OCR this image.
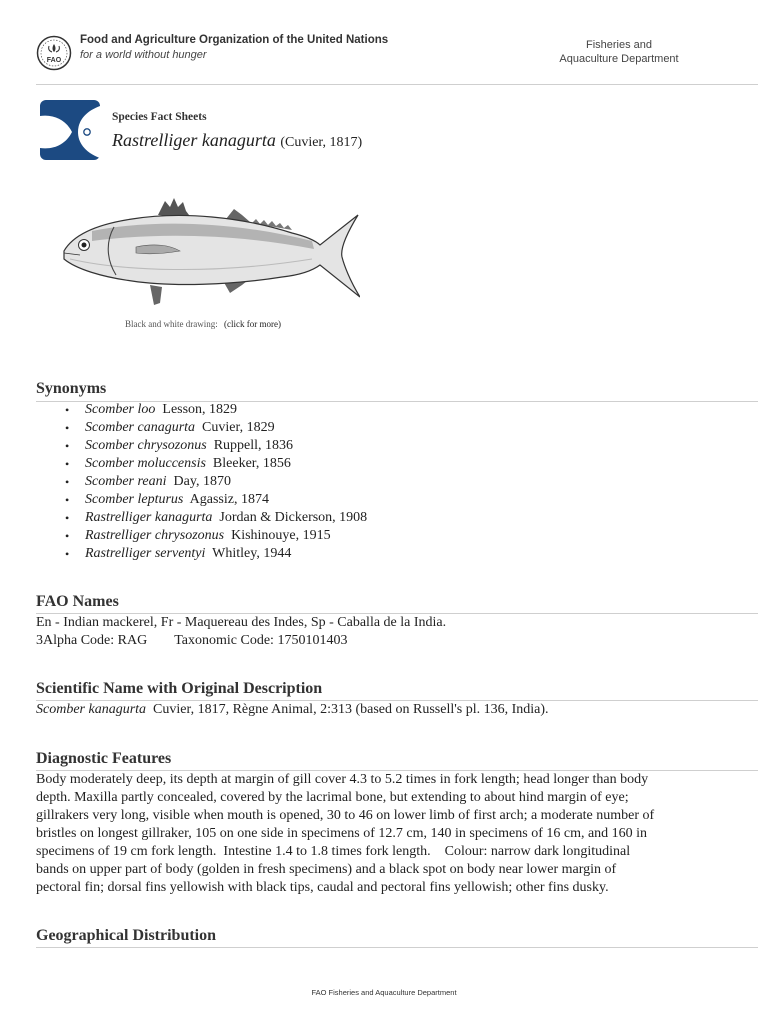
FAO
Food and Agriculture Organization of the United Nations
for a world without hunger
Fisheries and
Aquaculture Department
Species Fact Sheets
Rastrelliger kanagurta (Cuvier, 1817)
Black and white drawing: (click for more)
Synonyms
• Scomber loo Lesson, 1829
• Scomber canagurta Cuvier, 1829
• Scomber chrysozonus Ruppell, 1836
• Scomber moluccensis Bleeker, 1856
• Scomber reani Day, 1870
• Scomber lepturus Agassiz, 1874
• Rastrelliger kanagurta Jordan & Dickerson, 1908
• Rastrelliger chrysozonus Kishinouye, 1915
• Rastrelliger serventyi Whitley, 1944
FAO Names
En - Indian mackerel, Fr - Maquereau des Indes, Sp - Caballa de la India.
3Alpha Code: RAG Taxonomic Code: 1750101403
Scientific Name with Original Description
Scomber kanagurta Cuvier, 1817, Règne Animal, 2:313 (based on Russell's pl. 136, India).
Diagnostic Features
Body moderately deep, its depth at margin of gill cover 4.3 to 5.2 times in fork length; head longer than body
depth. Maxilla partly concealed, covered by the lacrimal bone, but extending to about hind margin of eye;
gillrakers very long, visible when mouth is opened, 30 to 46 on lower limb of first arch; a moderate number of
bristles on longest gillraker, 105 on one side in specimens of 12.7 cm, 140 in specimens of 16 cm, and 160 in
specimens of 19 cm fork length.  Intestine 1.4 to 1.8 times fork length.    Colour: narrow dark longitudinal
bands on upper part of body (golden in fresh specimens) and a black spot on body near lower margin of
pectoral fin; dorsal fins yellowish with black tips, caudal and pectoral fins yellowish; other fins dusky.
Geographical Distribution
FAO Fisheries and Aquaculture Department
